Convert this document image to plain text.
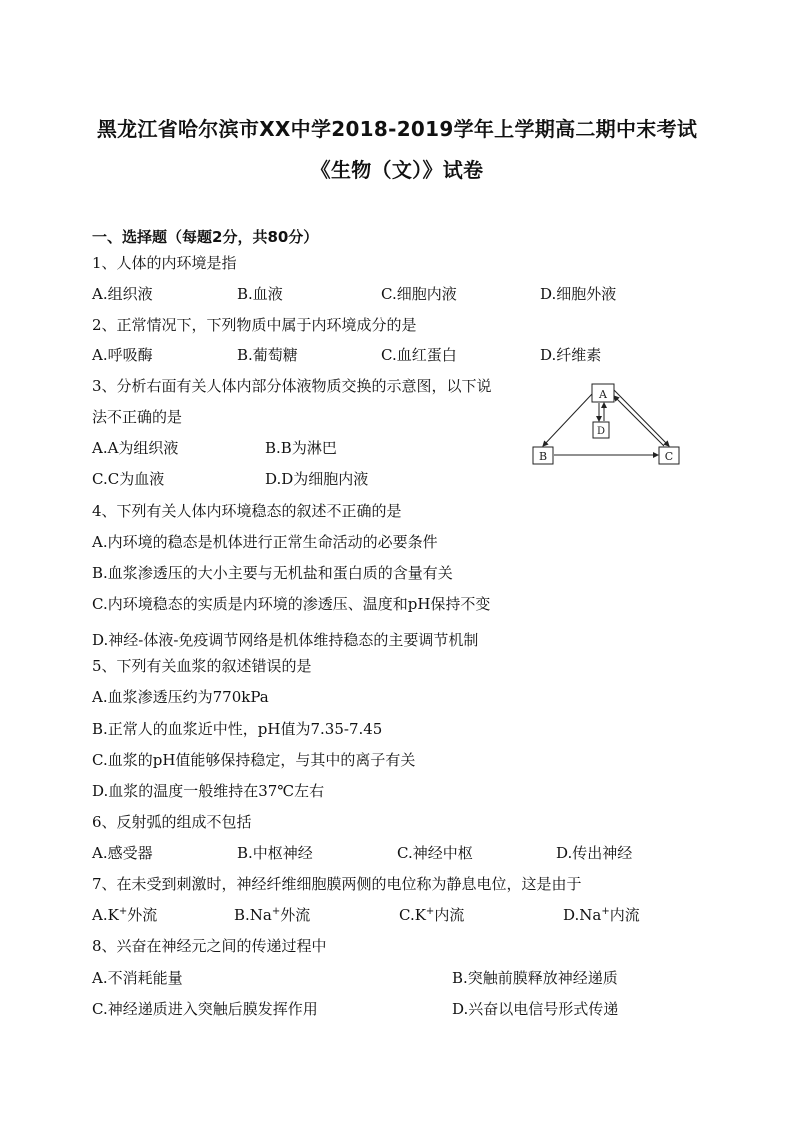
黑龙江省哈尔滨市XX中学2018-2019学年上学期高二期中末考试
《生物（文）》试卷
一、选择题（每题2分，共80分）
1、人体的内环境是指
A.组织液	B.血液	C.细胞内液	D.细胞外液
2、正常情况下，下列物质中属于内环境成分的是
A.呼吸酶	B.葡萄糖	C.血红蛋白	D.纤维素
3、分析右面有关人体内部分体液物质交换的示意图，以下说
法不正确的是
A.A为组织液	B.B为淋巴
C.C为血液	D.D为细胞内液
A
B	C
D
4、下列有关人体内环境稳态的叙述不正确的是
A.内环境的稳态是机体进行正常生命活动的必要条件
B.血浆渗透压的大小主要与无机盐和蛋白质的含量有关
C.内环境稳态的实质是内环境的渗透压、温度和pH保持不变
D.神经-体液-免疫调节网络是机体维持稳态的主要调节机制
5、下列有关血浆的叙述错误的是
A.血浆渗透压约为770kPa
B.正常人的血浆近中性，pH值为7.35-7.45
C.血浆的pH值能够保持稳定，与其中的离子有关
D.血浆的温度一般维持在37℃左右
6、反射弧的组成不包括
A.感受器	B.中枢神经	C.神经中枢	D.传出神经
7、在未受到刺激时，神经纤维细胞膜两侧的电位称为静息电位，这是由于
A.K+外流	B.Na+外流	C.K+内流	D.Na+内流
8、兴奋在神经元之间的传递过程中
A.不消耗能量	B.突触前膜释放神经递质
C.神经递质进入突触后膜发挥作用	D.兴奋以电信号形式传递
